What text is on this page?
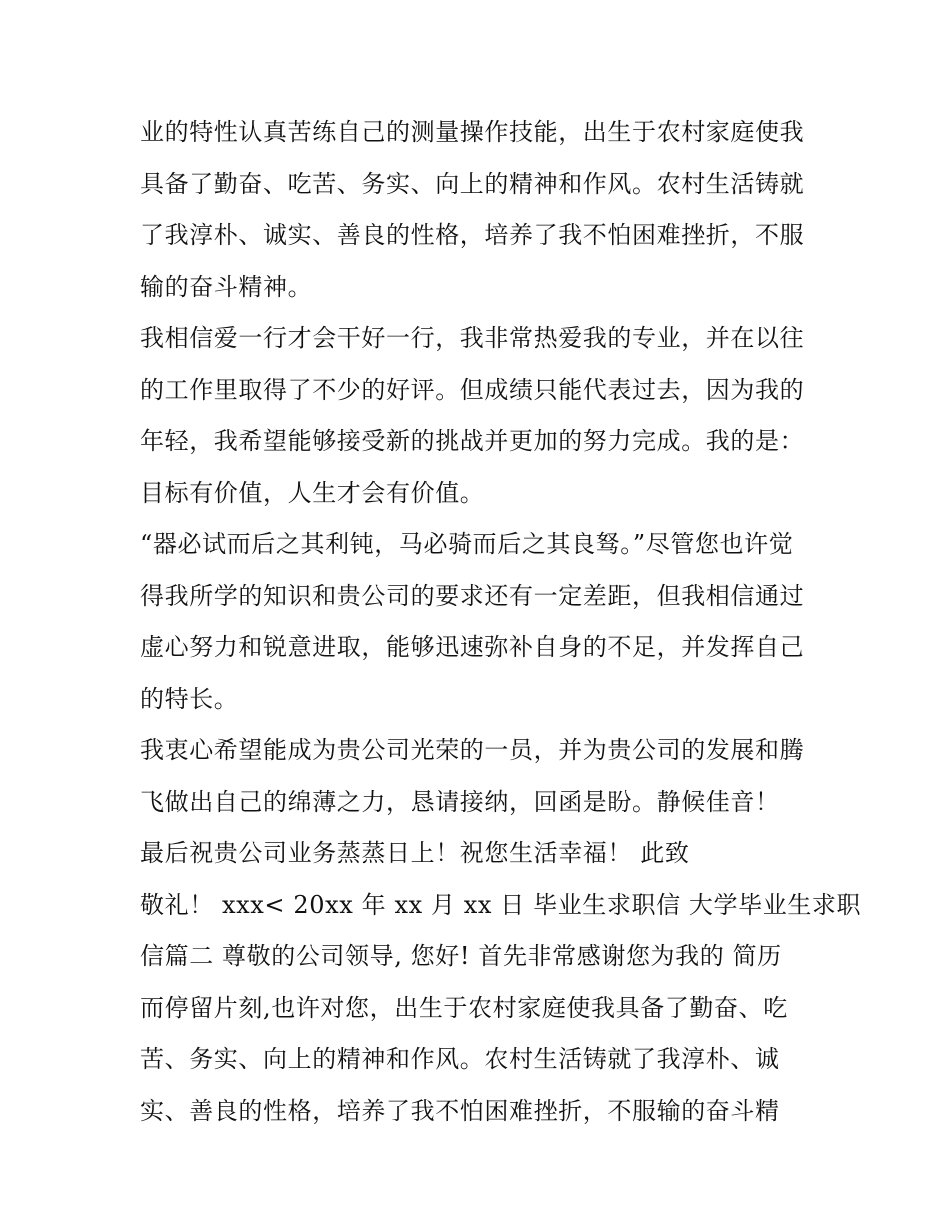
业的特性认真苦练自己的测量操作技能，出生于农村家庭使我
具备了勤奋、吃苦、务实、向上的精神和作风。农村生活铸就
了我淳朴、诚实、善良的性格，培养了我不怕困难挫折，不服
输的奋斗精神。
我相信爱一行才会干好一行，我非常热爱我的专业，并在以往
的工作里取得了不少的好评。但成绩只能代表过去，因为我的
年轻，我希望能够接受新的挑战并更加的努力完成。我的是：
目标有价值，人生才会有价值。
“器必试而后之其利钝，马必骑而后之其良驽。”尽管您也许觉
得我所学的知识和贵公司的要求还有一定差距，但我相信通过
虚心努力和锐意进取，能够迅速弥补自身的不足，并发挥自己
的特长。
我衷心希望能成为贵公司光荣的一员，并为贵公司的发展和腾
飞做出自己的绵薄之力，恳请接纳，回函是盼。静候佳音！
最后祝贵公司业务蒸蒸日上！祝您生活幸福！ 此致
敬礼！ xxx< 20xx 年 xx 月 xx 日 毕业生求职信 大学毕业生求职
信篇二 尊敬的公司领导, 您好! 首先非常感谢您为我的 简历
而停留片刻,也许对您，出生于农村家庭使我具备了勤奋、吃
苦、务实、向上的精神和作风。农村生活铸就了我淳朴、诚
实、善良的性格，培养了我不怕困难挫折，不服输的奋斗精
